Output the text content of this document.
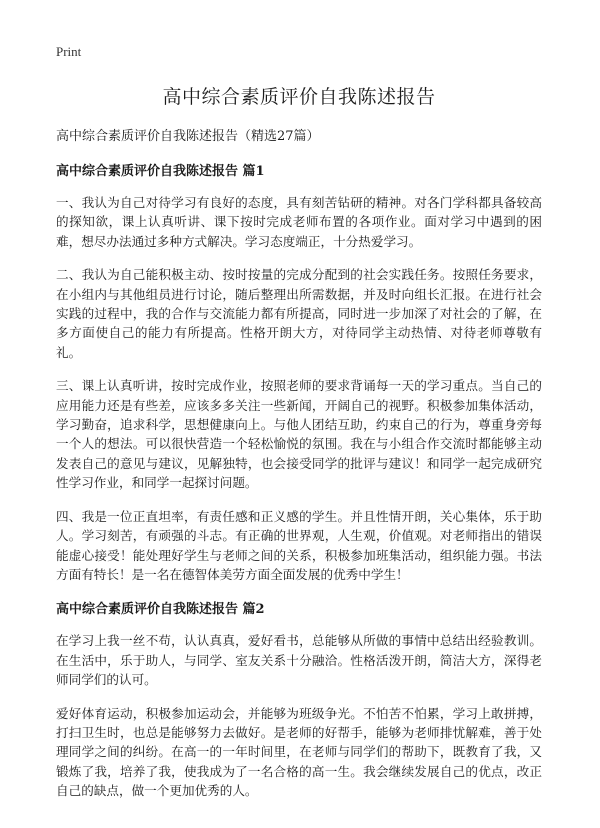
Print
高中综合素质评价自我陈述报告

高中综合素质评价自我陈述报告（精选27篇）

高中综合素质评价自我陈述报告 篇1

一、我认为自己对待学习有良好的态度，具有刻苦钻研的精神。对各门学科都具备较高的探知欲，课上认真听讲、课下按时完成老师布置的各项作业。面对学习中遇到的困难，想尽办法通过多种方式解决。学习态度端正，十分热爱学习。

二、我认为自己能积极主动、按时按量的完成分配到的社会实践任务。按照任务要求，在小组内与其他组员进行讨论，随后整理出所需数据，并及时向组长汇报。在进行社会实践的过程中，我的合作与交流能力都有所提高，同时进一步加深了对社会的了解，在多方面使自己的能力有所提高。性格开朗大方，对待同学主动热情、对待老师尊敬有礼。

三、课上认真听讲，按时完成作业，按照老师的要求背诵每一天的学习重点。当自己的应用能力还是有些差，应该多多关注一些新闻，开阔自己的视野。积极参加集体活动，学习勤奋，追求科学，思想健康向上。与他人团结互助，约束自己的行为，尊重身旁每一个人的想法。可以很快营造一个轻松愉悦的氛围。我在与小组合作交流时都能够主动发表自己的意见与建议，见解独特，也会接受同学的批评与建议！和同学一起完成研究性学习作业，和同学一起探讨问题。

四、我是一位正直坦率，有责任感和正义感的学生。并且性情开朗，关心集体，乐于助人。学习刻苦，有顽强的斗志。有正确的世界观，人生观，价值观。对老师指出的错误能虚心接受！能处理好学生与老师之间的关系，积极参加班集活动，组织能力强。书法方面有特长！是一名在德智体美劳方面全面发展的优秀中学生！

高中综合素质评价自我陈述报告 篇2

在学习上我一丝不苟，认认真真，爱好看书，总能够从所做的事情中总结出经验教训。在生活中，乐于助人，与同学、室友关系十分融洽。性格活泼开朗，简洁大方，深得老师同学们的认可。

爱好体育运动，积极参加运动会，并能够为班级争光。不怕苦不怕累，学习上敢拼搏，打扫卫生时，也总是能够努力去做好。是老师的好帮手，能够为老师排忧解难，善于处理同学之间的纠纷。在高一的一年时间里，在老师与同学们的帮助下，既教育了我，又锻炼了我，培养了我，使我成为了一名合格的高一生。我会继续发展自己的优点，改正自己的缺点，做一个更加优秀的人。
